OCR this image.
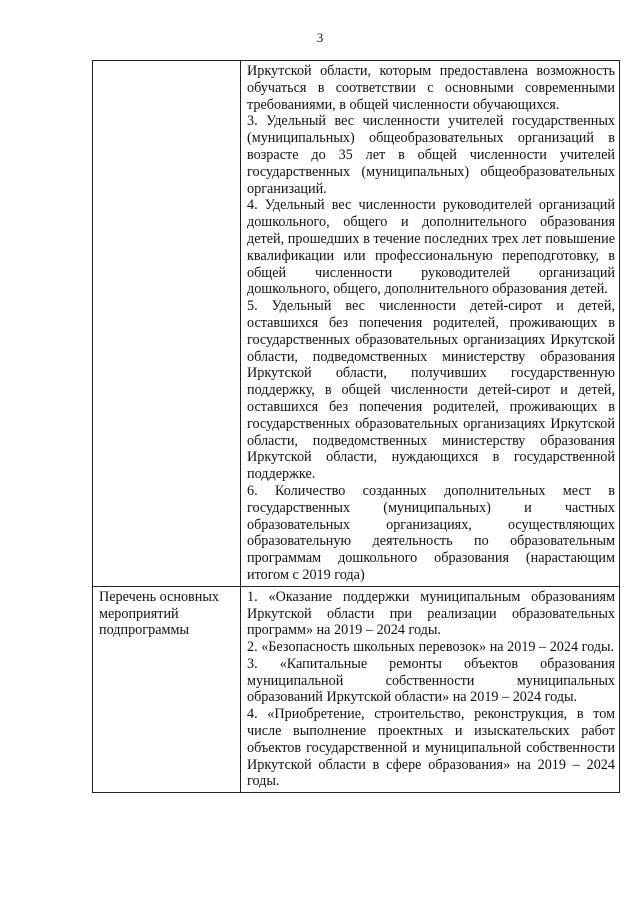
3

	Иркутской области, которым предоставлена возможность обучаться в соответствии с основными современными требованиями, в общей численности обучающихся.
3. Удельный вес численности учителей государственных (муниципальных) общеобразовательных организаций в возрасте до 35 лет в общей численности учителей государственных (муниципальных) общеобразовательных организаций.
4. Удельный вес численности руководителей организаций дошкольного, общего и дополнительного образования детей, прошедших в течение последних трех лет повышение квалификации или профессиональную переподготовку, в общей численности руководителей организаций дошкольного, общего, дополнительного образования детей.
5. Удельный вес численности детей-сирот и детей, оставшихся без попечения родителей, проживающих в государственных образовательных организациях Иркутской области, подведомственных министерству образования Иркутской области, получивших государственную поддержку, в общей численности детей-сирот и детей, оставшихся без попечения родителей, проживающих в государственных образовательных организациях Иркутской области, подведомственных министерству образования Иркутской области, нуждающихся в государственной поддержке.
6. Количество созданных дополнительных мест в государственных (муниципальных) и частных образовательных организациях, осуществляющих образовательную деятельность по образовательным программам дошкольного образования (нарастающим итогом с 2019 года)

Перечень основных мероприятий подпрограммы	1. «Оказание поддержки муниципальным образованиям Иркутской области при реализации образовательных программ» на 2019 – 2024 годы.
2. «Безопасность школьных перевозок» на 2019 – 2024 годы.
3. «Капитальные ремонты объектов образования муниципальной собственности муниципальных образований Иркутской области» на 2019 – 2024 годы.
4. «Приобретение, строительство, реконструкция, в том числе выполнение проектных и изыскательских работ объектов государственной и муниципальной собственности Иркутской области в сфере образования» на 2019 – 2024 годы.
